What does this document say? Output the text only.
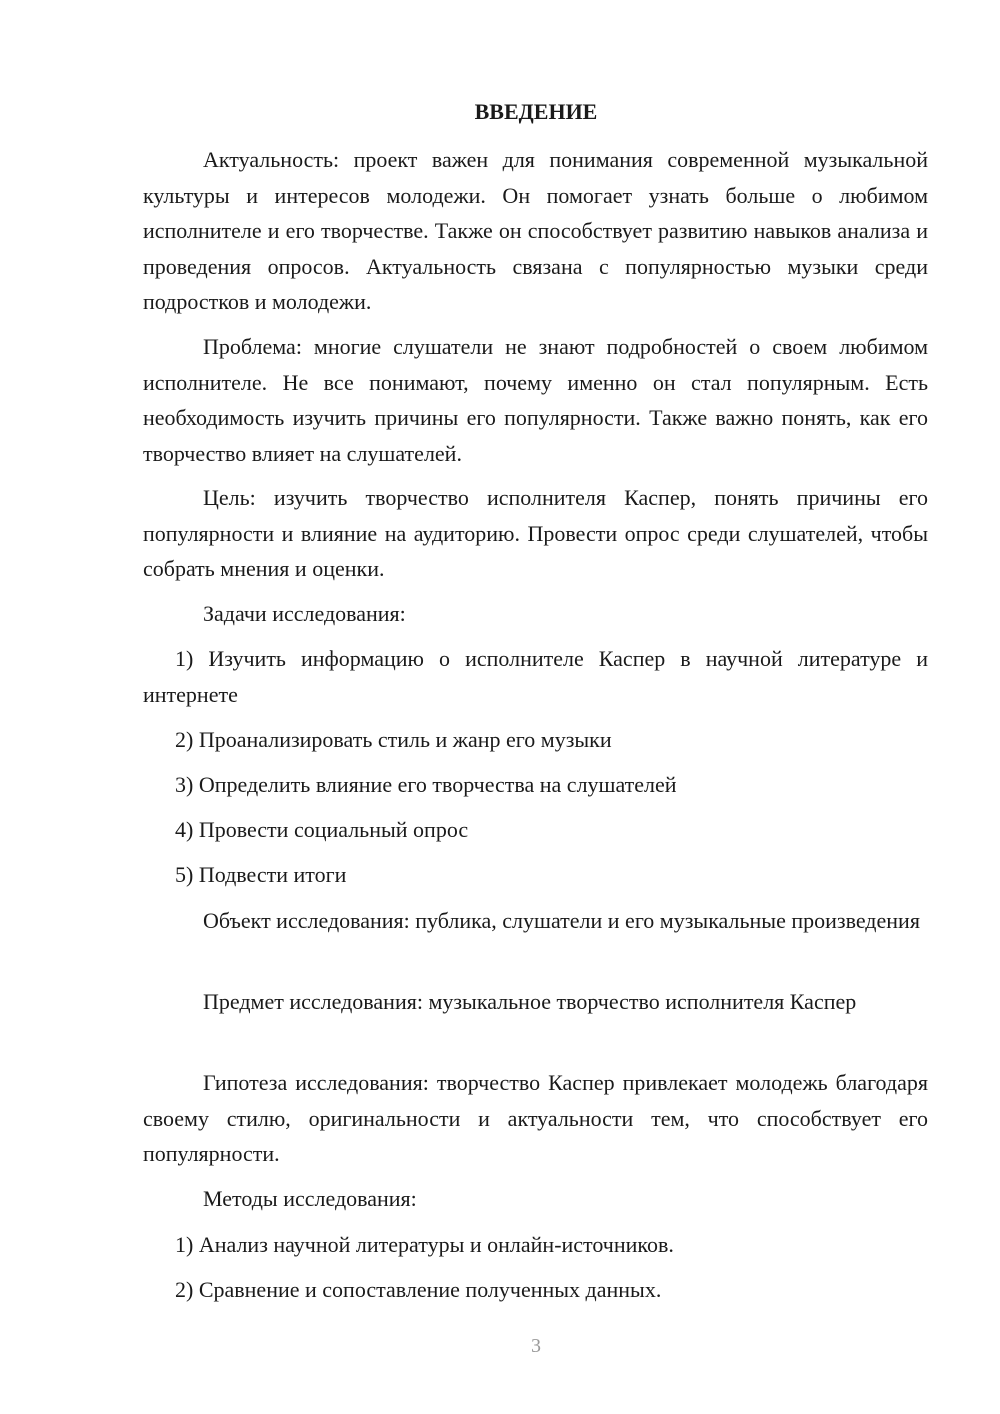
ВВЕДЕНИЕ

Актуальность: проект важен для понимания современной музыкальной культуры и интересов молодежи. Он помогает узнать больше о любимом исполнителе и его творчестве. Также он способствует развитию навыков анализа и проведения опросов. Актуальность связана с популярностью музыки среди подростков и молодежи.

Проблема: многие слушатели не знают подробностей о своем любимом исполнителе. Не все понимают, почему именно он стал популярным. Есть необходимость изучить причины его популярности. Также важно понять, как его творчество влияет на слушателей.

Цель: изучить творчество исполнителя Каспер, понять причины его популярности и влияние на аудиторию. Провести опрос среди слушателей, чтобы собрать мнения и оценки.

Задачи исследования:

1) Изучить информацию о исполнителе Каспер в научной литературе и интернете

2) Проанализировать стиль и жанр его музыки

3) Определить влияние его творчества на слушателей

4) Провести социальный опрос

5) Подвести итоги

Объект исследования: публика, слушатели и его музыкальные произведения

Предмет исследования: музыкальное творчество исполнителя Каспер

Гипотеза исследования: творчество Каспер привлекает молодежь благодаря своему стилю, оригинальности и актуальности тем, что способствует его популярности.

Методы исследования:

1) Анализ научной литературы и онлайн-источников.

2) Сравнение и сопоставление полученных данных.

3
